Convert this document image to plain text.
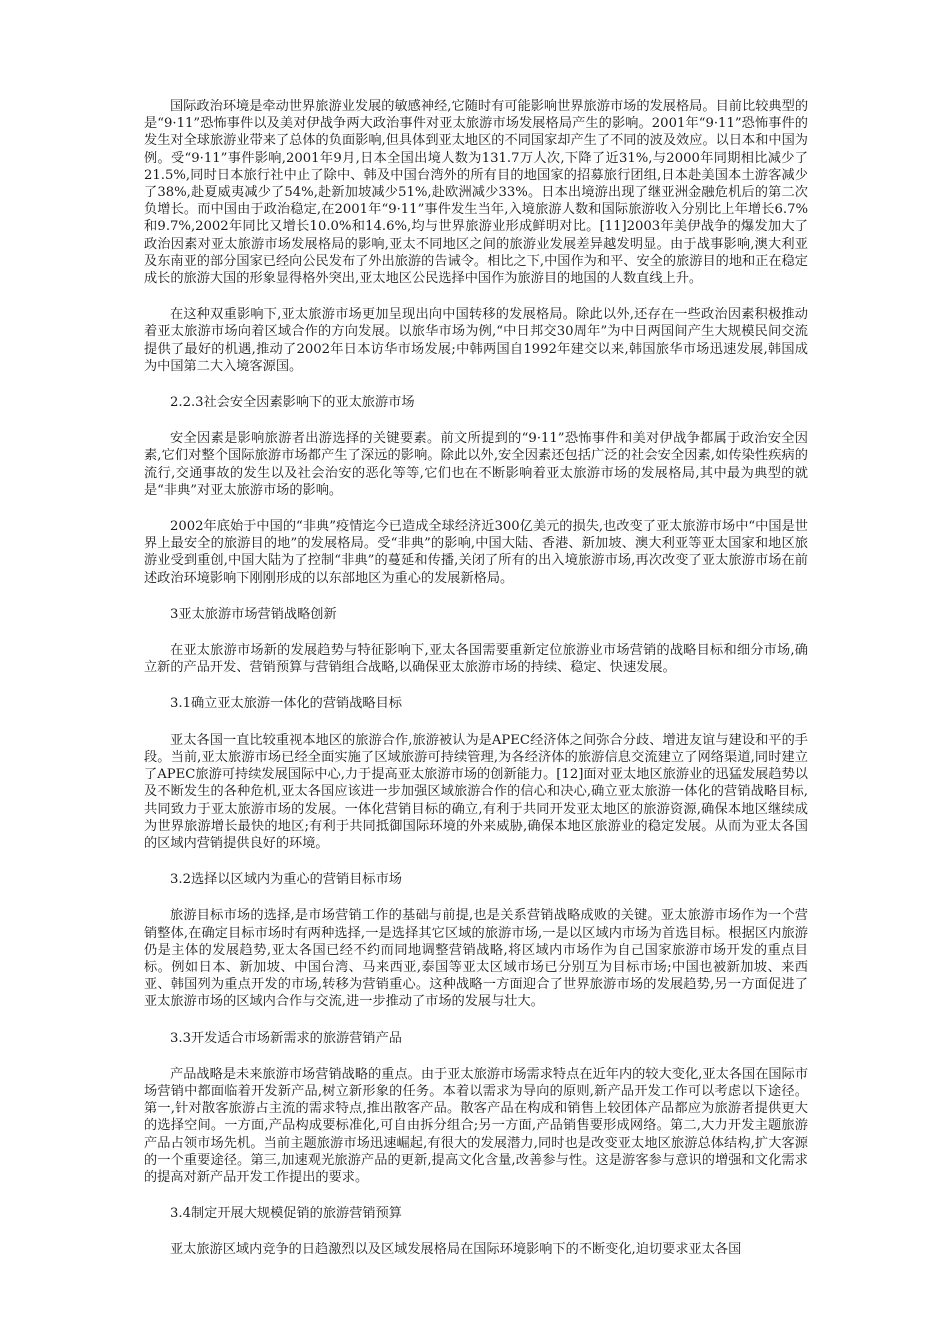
国际政治环境是牵动世界旅游业发展的敏感神经,它随时有可能影响世界旅游市场的发展格局。目前比较典型的是“9·11”恐怖事件以及美对伊战争两大政治事件对亚太旅游市场发展格局产生的影响。2001年“9·11”恐怖事件的发生对全球旅游业带来了总体的负面影响,但具体到亚太地区的不同国家却产生了不同的波及效应。以日本和中国为例。受“9·11”事件影响,2001年9月,日本全国出境人数为131.7万人次,下降了近31%,与2000年同期相比减少了21.5%,同时日本旅行社中止了除中、韩及中国台湾外的所有目的地国家的招募旅行团组,日本赴美国本土游客减少了38%,赴夏威夷减少了54%,赴新加坡减少51%,赴欧洲减少33%。日本出境游出现了继亚洲金融危机后的第二次负增长。而中国由于政治稳定,在2001年“9·11”事件发生当年,入境旅游人数和国际旅游收入分别比上年增长6.7%和9.7%,2002年同比又增长10.0%和14.6%,均与世界旅游业形成鲜明对比。[11]2003年美伊战争的爆发加大了政治因素对亚太旅游市场发展格局的影响,亚太不同地区之间的旅游业发展差异越发明显。由于战事影响,澳大利亚及东南亚的部分国家已经向公民发布了外出旅游的告诫令。相比之下,中国作为和平、安全的旅游目的地和正在稳定成长的旅游大国的形象显得格外突出,亚太地区公民选择中国作为旅游目的地国的人数直线上升。

在这种双重影响下,亚太旅游市场更加呈现出向中国转移的发展格局。除此以外,还存在一些政治因素积极推动着亚太旅游市场向着区域合作的方向发展。以旅华市场为例,“中日邦交30周年”为中日两国间产生大规模民间交流提供了最好的机遇,推动了2002年日本访华市场发展;中韩两国自1992年建交以来,韩国旅华市场迅速发展,韩国成为中国第二大入境客源国。

2.2.3社会安全因素影响下的亚太旅游市场

安全因素是影响旅游者出游选择的关键要素。前文所提到的“9·11”恐怖事件和美对伊战争都属于政治安全因素,它们对整个国际旅游市场都产生了深远的影响。除此以外,安全因素还包括广泛的社会安全因素,如传染性疾病的流行,交通事故的发生以及社会治安的恶化等等,它们也在不断影响着亚太旅游市场的发展格局,其中最为典型的就是“非典”对亚太旅游市场的影响。

2002年底始于中国的“非典”疫情迄今已造成全球经济近300亿美元的损失,也改变了亚太旅游市场中“中国是世界上最安全的旅游目的地”的发展格局。受“非典”的影响,中国大陆、香港、新加坡、澳大利亚等亚太国家和地区旅游业受到重创,中国大陆为了控制“非典”的蔓延和传播,关闭了所有的出入境旅游市场,再次改变了亚太旅游市场在前述政治环境影响下刚刚形成的以东部地区为重心的发展新格局。

3亚太旅游市场营销战略创新

在亚太旅游市场新的发展趋势与特征影响下,亚太各国需要重新定位旅游业市场营销的战略目标和细分市场,确立新的产品开发、营销预算与营销组合战略,以确保亚太旅游市场的持续、稳定、快速发展。

3.1确立亚太旅游一体化的营销战略目标

亚太各国一直比较重视本地区的旅游合作,旅游被认为是APEC经济体之间弥合分歧、增进友谊与建设和平的手段。当前,亚太旅游市场已经全面实施了区域旅游可持续管理,为各经济体的旅游信息交流建立了网络渠道,同时建立了APEC旅游可持续发展国际中心,力于提高亚太旅游市场的创新能力。[12]面对亚太地区旅游业的迅猛发展趋势以及不断发生的各种危机,亚太各国应该进一步加强区域旅游合作的信心和决心,确立亚太旅游一体化的营销战略目标,共同致力于亚太旅游市场的发展。一体化营销目标的确立,有利于共同开发亚太地区的旅游资源,确保本地区继续成为世界旅游增长最快的地区;有利于共同抵御国际环境的外来威胁,确保本地区旅游业的稳定发展。从而为亚太各国的区域内营销提供良好的环境。

3.2选择以区域内为重心的营销目标市场

旅游目标市场的选择,是市场营销工作的基础与前提,也是关系营销战略成败的关键。亚太旅游市场作为一个营销整体,在确定目标市场时有两种选择,一是选择其它区域的旅游市场,一是以区域内市场为首选目标。根据区内旅游仍是主体的发展趋势,亚太各国已经不约而同地调整营销战略,将区域内市场作为自己国家旅游市场开发的重点目标。例如日本、新加坡、中国台湾、马来西亚,泰国等亚太区域市场已分别互为目标市场;中国也被新加坡、来西亚、韩国列为重点开发的市场,转移为营销重心。这种战略一方面迎合了世界旅游市场的发展趋势,另一方面促进了亚太旅游市场的区域内合作与交流,进一步推动了市场的发展与壮大。

3.3开发适合市场新需求的旅游营销产品

产品战略是未来旅游市场营销战略的重点。由于亚太旅游市场需求特点在近年内的较大变化,亚太各国在国际市场营销中都面临着开发新产品,树立新形象的任务。本着以需求为导向的原则,新产品开发工作可以考虑以下途径。第一,针对散客旅游占主流的需求特点,推出散客产品。散客产品在构成和销售上较团体产品都应为旅游者提供更大的选择空间。一方面,产品构成要标准化,可自由拆分组合;另一方面,产品销售要形成网络。第二,大力开发主题旅游产品占领市场先机。当前主题旅游市场迅速崛起,有很大的发展潜力,同时也是改变亚太地区旅游总体结构,扩大客源的一个重要途径。第三,加速观光旅游产品的更新,提高文化含量,改善参与性。这是游客参与意识的增强和文化需求的提高对新产品开发工作提出的要求。

3.4制定开展大规模促销的旅游营销预算

亚太旅游区域内竞争的日趋激烈以及区域发展格局在国际环境影响下的不断变化,迫切要求亚太各国
